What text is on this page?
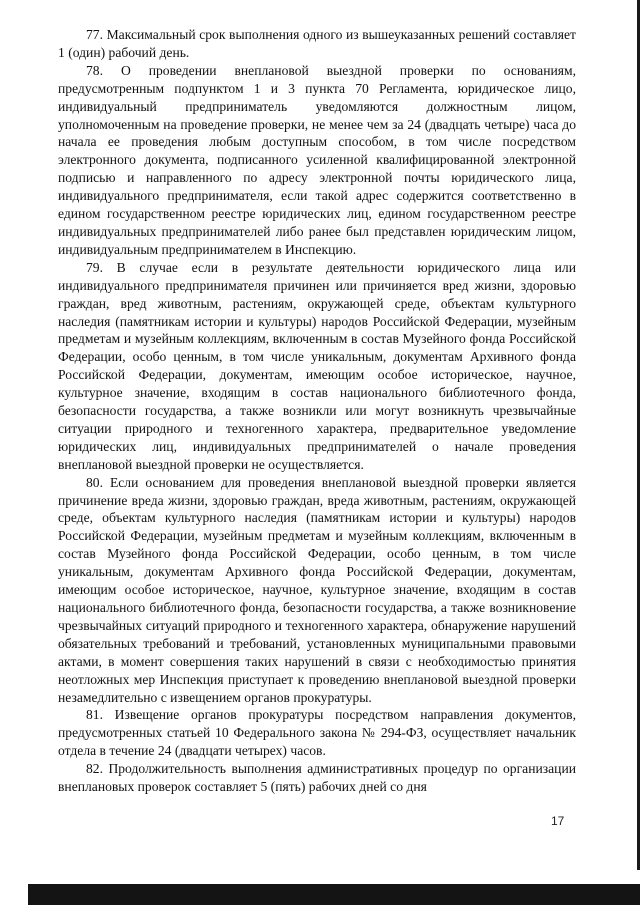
77. Максимальный срок выполнения одного из вышеуказанных решений составляет 1 (один) рабочий день.

78. О проведении внеплановой выездной проверки по основаниям, предусмотренным подпунктом 1 и 3 пункта 70 Регламента, юридическое лицо, индивидуальный предприниматель уведомляются должностным лицом, уполномоченным на проведение проверки, не менее чем за 24 (двадцать четыре) часа до начала ее проведения любым доступным способом, в том числе посредством электронного документа, подписанного усиленной квалифицированной электронной подписью и направленного по адресу электронной почты юридического лица, индивидуального предпринимателя, если такой адрес содержится соответственно в едином государственном реестре юридических лиц, едином государственном реестре индивидуальных предпринимателей либо ранее был представлен юридическим лицом, индивидуальным предпринимателем в Инспекцию.

79. В случае если в результате деятельности юридического лица или индивидуального предпринимателя причинен или причиняется вред жизни, здоровью граждан, вред животным, растениям, окружающей среде, объектам культурного наследия (памятникам истории и культуры) народов Российской Федерации, музейным предметам и музейным коллекциям, включенным в состав Музейного фонда Российской Федерации, особо ценным, в том числе уникальным, документам Архивного фонда Российской Федерации, документам, имеющим особое историческое, научное, культурное значение, входящим в состав национального библиотечного фонда, безопасности государства, а также возникли или могут возникнуть чрезвычайные ситуации природного и техногенного характера, предварительное уведомление юридических лиц, индивидуальных предпринимателей о начале проведения внеплановой выездной проверки не осуществляется.

80. Если основанием для проведения внеплановой выездной проверки является причинение вреда жизни, здоровью граждан, вреда животным, растениям, окружающей среде, объектам культурного наследия (памятникам истории и культуры) народов Российской Федерации, музейным предметам и музейным коллекциям, включенным в состав Музейного фонда Российской Федерации, особо ценным, в том числе уникальным, документам Архивного фонда Российской Федерации, документам, имеющим особое историческое, научное, культурное значение, входящим в состав национального библиотечного фонда, безопасности государства, а также возникновение чрезвычайных ситуаций природного и техногенного характера, обнаружение нарушений обязательных требований и требований, установленных муниципальными правовыми актами, в момент совершения таких нарушений в связи с необходимостью принятия неотложных мер Инспекция приступает к проведению внеплановой выездной проверки незамедлительно с извещением органов прокуратуры.

81. Извещение органов прокуратуры посредством направления документов, предусмотренных статьей 10 Федерального закона № 294-ФЗ, осуществляет начальник отдела в течение 24 (двадцати четырех) часов.

82. Продолжительность выполнения административных процедур по организации внеплановых проверок составляет 5 (пять) рабочих дней со дня

17
